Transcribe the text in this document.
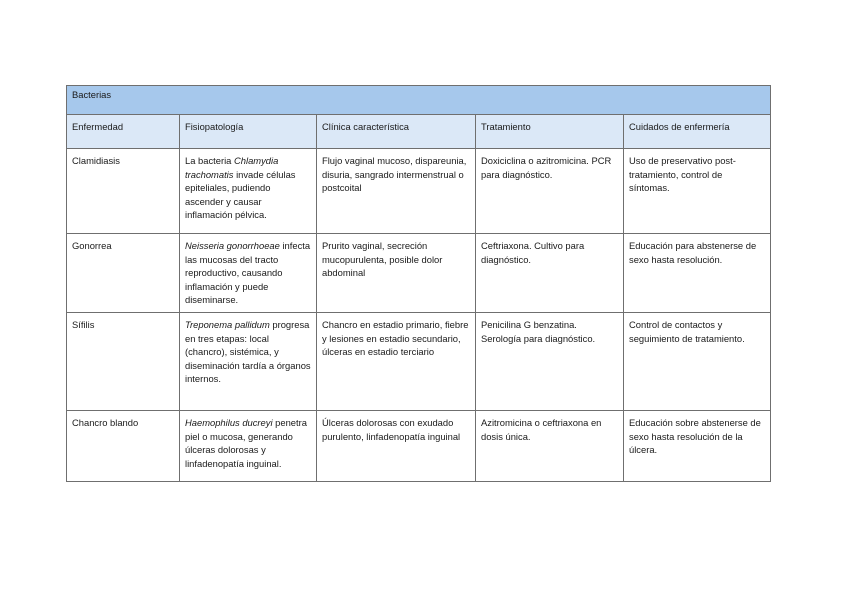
Bacterias				
Enfermedad	Fisiopatología	Clínica característica	Tratamiento	Cuidados de enfermería
Clamidiasis	La bacteria Chlamydia trachomatis invade células epiteliales, pudiendo ascender y causar inflamación pélvica.	Flujo vaginal mucoso, dispareunia, disuria, sangrado intermenstrual o postcoital	Doxiciclina o azitromicina. PCR para diagnóstico.	Uso de preservativo post-tratamiento, control de síntomas.
Gonorrea	Neisseria gonorrhoeae infecta las mucosas del tracto reproductivo, causando inflamación y puede diseminarse.	Prurito vaginal, secreción mucopurulenta, posible dolor abdominal	Ceftriaxona. Cultivo para diagnóstico.	Educación para abstenerse de sexo hasta resolución.
Sífilis	Treponema pallidum progresa en tres etapas: local (chancro), sistémica, y diseminación tardía a órganos internos.	Chancro en estadio primario, fiebre y lesiones en estadio secundario, úlceras en estadio terciario	Penicilina G benzatina. Serología para diagnóstico.	Control de contactos y seguimiento de tratamiento.
Chancro blando	Haemophilus ducreyi penetra piel o mucosa, generando úlceras dolorosas y linfadenopatía inguinal.	Úlceras dolorosas con exudado purulento, linfadenopatía inguinal	Azitromicina o ceftriaxona en dosis única.	Educación sobre abstenerse de sexo hasta resolución de la úlcera.
